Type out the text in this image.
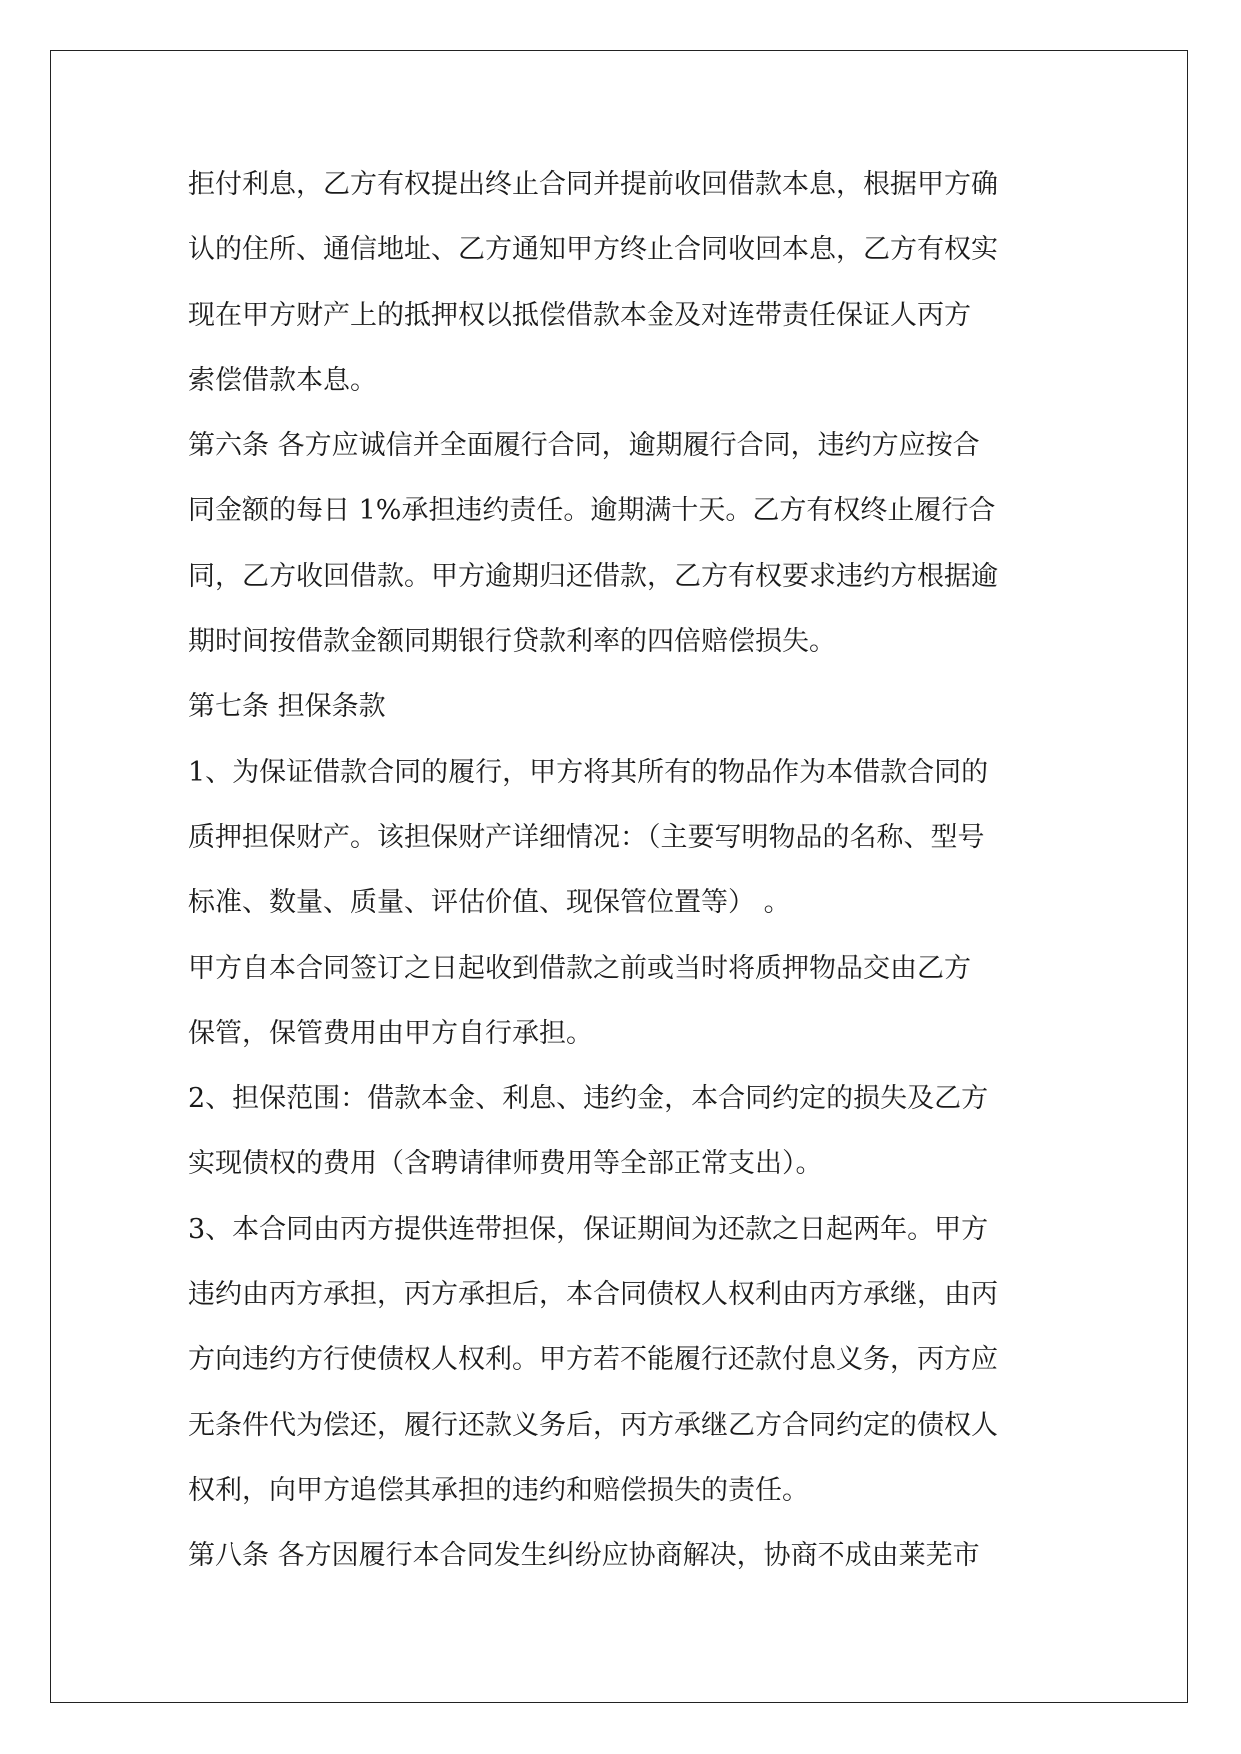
拒付利息，乙方有权提出终止合同并提前收回借款本息，根据甲方确
认的住所、通信地址、乙方通知甲方终止合同收回本息，乙方有权实
现在甲方财产上的抵押权以抵偿借款本金及对连带责任保证人丙方
索偿借款本息。
第六条 各方应诚信并全面履行合同，逾期履行合同，违约方应按合
同金额的每日 1%承担违约责任。逾期满十天。乙方有权终止履行合
同，乙方收回借款。甲方逾期归还借款，乙方有权要求违约方根据逾
期时间按借款金额同期银行贷款利率的四倍赔偿损失。
第七条 担保条款
1、为保证借款合同的履行，甲方将其所有的物品作为本借款合同的
质押担保财产。该担保财产详细情况：（主要写明物品的名称、型号
标准、数量、质量、评估价值、现保管位置等） 。
甲方自本合同签订之日起收到借款之前或当时将质押物品交由乙方
保管，保管费用由甲方自行承担。
2、担保范围：借款本金、利息、违约金，本合同约定的损失及乙方
实现债权的费用（含聘请律师费用等全部正常支出）。
3、本合同由丙方提供连带担保，保证期间为还款之日起两年。甲方
违约由丙方承担，丙方承担后，本合同债权人权利由丙方承继，由丙
方向违约方行使债权人权利。甲方若不能履行还款付息义务，丙方应
无条件代为偿还，履行还款义务后，丙方承继乙方合同约定的债权人
权利，向甲方追偿其承担的违约和赔偿损失的责任。
第八条 各方因履行本合同发生纠纷应协商解决，协商不成由莱芜市
